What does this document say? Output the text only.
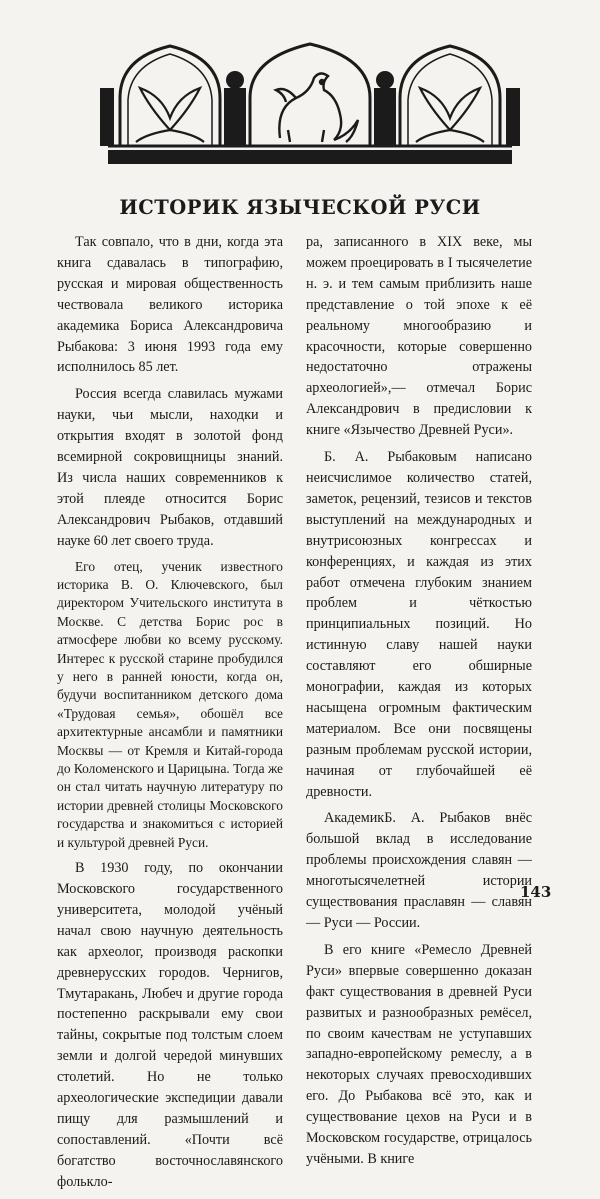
ИСТОРИК ЯЗЫЧЕСКОЙ РУСИ

Так совпало, что в дни, когда эта книга сдавалась в типографию, русская и мировая общественность чествовала великого историка академика Бориса Александровича Рыбакова: 3 июня 1993 года ему исполнилось 85 лет.

Россия всегда славилась мужами науки, чьи мысли, находки и открытия входят в золотой фонд всемирной сокровищницы знаний. Из числа наших современников к этой плеяде относится Борис Александрович Рыбаков, отдавший науке 60 лет своего труда.

Его отец, ученик известного историка В. О. Ключевского, был директором Учительского института в Москве. С детства Борис рос в атмосфере любви ко всему русскому. Интерес к русской старине пробудился у него в ранней юности, когда он, будучи воспитанником детского дома «Трудовая семья», обошёл все архитектурные ансамбли и памятники Москвы — от Кремля и Китай-города до Коломенского и Царицына. Тогда же он стал читать научную литературу по истории древней столицы Московского государства и знакомиться с историей и культурой древней Руси.

В 1930 году, по окончании Московского государственного университета, молодой учёный начал свою научную деятельность как археолог, производя раскопки древнерусских городов. Чернигов, Тмутаракань, Любеч и другие города постепенно раскрывали ему свои тайны, сокрытые под толстым слоем земли и долгой чередой минувших столетий. Но не только археологические экспедиции давали пищу для размышлений и сопоставлений. «Почти всё богатство восточнославянского фолькло-

ра, записанного в XIX веке, мы можем проецировать в I тысячелетие н. э. и тем самым приблизить наше представление о той эпохе к её реальному многообразию и красочности, которые совершенно недостаточно отражены археологией»,— отмечал Борис Александрович в предисловии к книге «Язычество Древней Руси».

Б. А. Рыбаковым написано неисчислимое количество статей, заметок, рецензий, тезисов и текстов выступлений на международных и внутрисоюзных конгрессах и конференциях, и каждая из этих работ отмечена глубоким знанием проблем и чёткостью принципиальных позиций. Но истинную славу нашей науки составляют его обширные монографии, каждая из которых насыщена огромным фактическим материалом. Все они посвящены разным проблемам русской истории, начиная от глубочайшей её древности.

АкадемикБ. А. Рыбаков внёс большой вклад в исследование проблемы происхождения славян — многотысячелетней истории существования праславян — славян — Руси — России.

В его книге «Ремесло Древней Руси» впервые совершенно доказан факт существования в древней Руси развитых и разнообразных ремёсел, по своим качествам не уступавших западно-европейскому ремеслу, а в некоторых случаях превосходивших его. До Рыбакова всё это, как и существование цехов на Руси и в Московском государстве, отрицалось учёными. В книге

143
